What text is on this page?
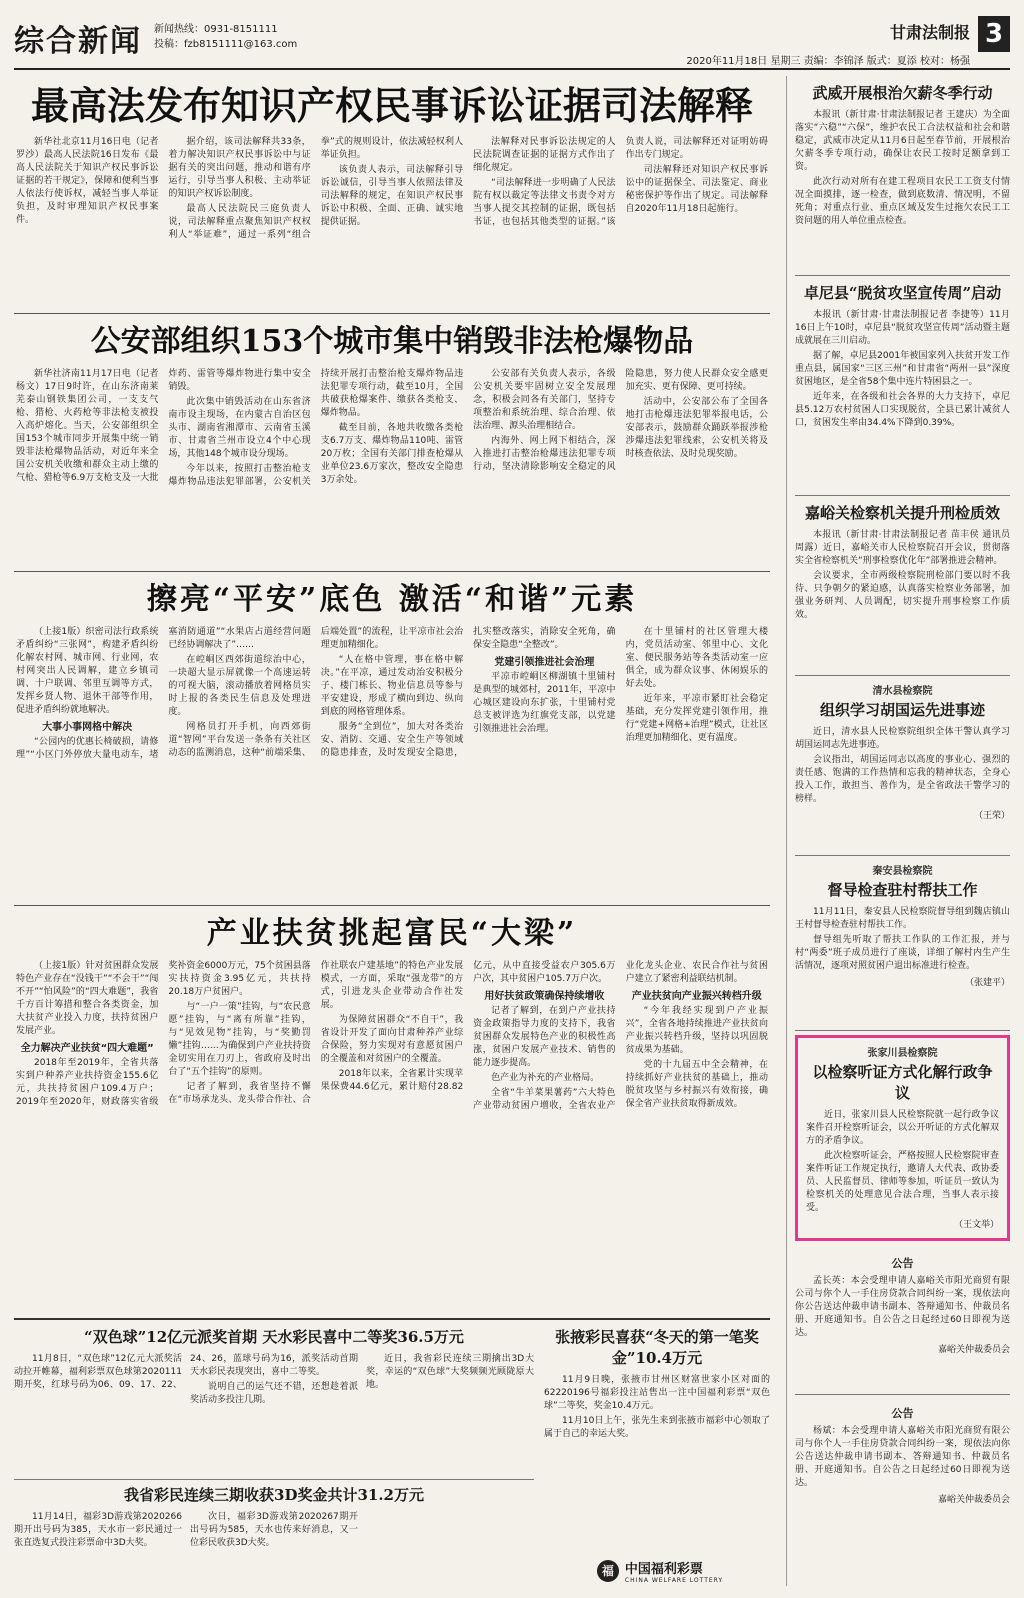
综合新闻 新闻热线：0931-8151111
投稿：fzb8151111@163.com
甘肃法制报 3
2020年11月18日 星期三 责编：李锦泽 版式：夏添 校对：杨强
最高法发布知识产权民事诉讼证据司法解释

新华社北京11月16日电（记者 罗沙）最高人民法院16日发布《最高人民法院关于知识产权民事诉讼证据的若干规定》，保障和便利当事人依法行使诉权，减轻当事人举证负担，及时审理知识产权民事案件。

据介绍，该司法解释共33条，着力解决知识产权民事诉讼中与证据有关的突出问题，推动和谐有序运行，引导当事人积极、主动举证的知识产权诉讼制度。

最高人民法院民三庭负责人说，司法解释重点聚焦知识产权权利人“举证难”，通过一系列“组合拳”式的规则设计，依法减轻权利人举证负担。

该负责人表示，司法解释引导诉讼诚信，引导当事人依照法律及司法解释的规定，在知识产权民事诉讼中积极、全面、正确、诚实地提供证据。

法解释对民事诉讼法规定的人民法院调查证据的证据方式作出了细化规定。

“司法解释进一步明确了人民法院有权以裁定等法律文书责令对方当事人提交其控制的证据，既包括书证，也包括其他类型的证据。”该负责人说，司法解释还对证明妨碍作出专门规定。

司法解释还对知识产权民事诉讼中的证据保全、司法鉴定、商业秘密保护等作出了规定。司法解释自2020年11月18日起施行。

公安部组织153个城市集中销毁非法枪爆物品

新华社济南11月17日电（记者 杨文）17日9时许，在山东济南莱芜泰山钢铁集团公司，一支支气枪、猎枪、火药枪等非法枪支被投入高炉熔化。当天，公安部组织全国153个城市同步开展集中统一销毁非法枪爆物品活动，对近年来全国公安机关收缴和群众主动上缴的气枪、猎枪等6.9万支枪支及一大批炸药、雷管等爆炸物进行集中安全销毁。

此次集中销毁活动在山东省济南市设主现场，在内蒙古自治区包头市、湖南省湘潭市、云南省玉溪市、甘肃省兰州市设立4个中心现场，其他148个城市设分现场。

今年以来，按照打击整治枪支爆炸物品违法犯罪部署，公安机关持续开展打击整治枪支爆炸物品违法犯罪专项行动，截至10月，全国共破获枪爆案件、缴获各类枪支、爆炸物品。

截至目前，各地共收缴各类枪支6.7万支、爆炸物品110吨、雷管20万枚；全国有关部门排查枪爆从业单位23.6万家次，整改安全隐患3万余处。

公安部有关负责人表示，各级公安机关要牢固树立安全发展理念，积极会同各有关部门，坚持专项整治和系统治理、综合治理、依法治理、源头治理相结合。

内海外、网上网下相结合，深入推进打击整治枪爆违法犯罪专项行动，坚决清除影响安全稳定的风险隐患，努力使人民群众安全感更加充实、更有保障、更可持续。

活动中，公安部公布了全国各地打击枪爆违法犯罪举报电话，公安部表示，鼓励群众踊跃举报涉枪涉爆违法犯罪线索，公安机关将及时核查依法、及时兑现奖励。

擦亮“平安”底色 激活“和谐”元素

（上接1版）织密司法行政系统矛盾纠纷“三张网”，构建矛盾纠纷化解农村网、城市网、行业网，农村网突出人民调解，建立乡镇司调、十户联调、邻里互调等方式，发挥乡贤人物、退休干部等作用，促进矛盾纠纷就地解决。

大事小事网格中解决

“公园内的优惠长椅破损，请修理”“小区门外停放大量电动车，堵塞消防通道”“水果店占道经营问题已经协调解决了”……

在崆峒区西郊街道综治中心，一块超大显示屏就像一个高速运转的可视大脑，滚动播放着网格员实时上报的各类民生信息及处理进度。

网格员打开手机，向西郊街道“智网”平台发送一条条有关社区动态的监测消息，这种“前端采集、后端处置”的流程，让平凉市社会治理更加精细化。

“人在格中管理，事在格中解决。”在平凉，通过发动治安积极分子、楼门栋长、物业信息员等参与平安建设，形成了横向到边、纵向到底的网格管理体系。

服务“全到位”，加大对各类治安、消防、交通、安全生产等领域的隐患排查，及时发现安全隐患，扎实整改落实，消除安全死角，确保安全隐患“全整改”。

党建引领推进社会治理

平凉市崆峒区柳湖镇十里铺村是典型的城郊村，2011年，平凉中心城区建设向东扩张，十里铺村党总支被评选为红旗党支部，以党建引领推进社会治理。

在十里铺村的社区管理大楼内，党员活动室、邻里中心、文化室、便民服务站等各类活动室一应俱全，成为群众议事、休闲娱乐的好去处。

近年来，平凉市紧盯社会稳定基础，充分发挥党建引领作用，推行“党建+网格+治理”模式，让社区治理更加精细化、更有温度。

产业扶贫挑起富民“大梁”

（上接1版）针对贫困群众发展特色产业存在“没钱干”“不会干”“闯不开”“怕风险”的“四大难题”，我省千方百计筹措和整合各类资金，加大扶贫产业投入力度，扶持贫困户发展产业。

全力解决产业扶贫“四大难题”

2018年至2019年，全省共落实到户种养产业扶持资金155.6亿元，共扶持贫困户109.4万户；2019年至2020年，财政落实省级奖补资金6000万元，75个贫困县落实扶持资金3.95亿元，共扶持20.18万户贫困户。

与“一户一策”挂钩，与“农民意愿”挂钩，与“离有所靠”挂钩，与“见效见物”挂钩，与“奖勤罚懒”挂钩……为确保到户产业扶持资金切实用在刀刃上，省政府及时出台了“五个挂钩”的原则。

记者了解到，我省坚持不懈在“市场承龙头、龙头带合作社、合作社联农户建基地”的特色产业发展模式，一方面，采取“强龙带”的方式，引进龙头企业带动合作社发展。

为保障贫困群众“不自干”，我省设计开发了面向甘肃种养产业综合保险，努力实现对有意愿贫困户的全覆盖和对贫困户的全覆盖。

2018年以来，全省累计实现苹果保费44.6亿元，累计赔付28.82亿元，从中直接受益农户305.6万户次，其中贫困户105.7万户次。

用好扶贫政策确保持续增收

记者了解到，在到户产业扶持资金政策指导力度的支持下，我省贫困群众发展特色产业的积极性高涨，贫困户发展产业技术、销售的能力逐步提高。

色产业为补充的产业格局。

全省“牛羊菜果薯药”六大特色产业带动贫困户增收，全省农业产业化龙头企业、农民合作社与贫困户建立了紧密利益联结机制。

产业扶贫向产业振兴转档升级

“今年我经实现到户产业振兴”，全省各地持续推进产业扶贫向产业振兴转档升级，坚持以巩固脱贫成果为基础。

党的十九届五中全会精神，在持续抓好产业扶贫的基础上，推动脱贫攻坚与乡村振兴有效衔接，确保全省产业扶贫取得新成效。

武威开展根治欠薪冬季行动

本报讯（新甘肃·甘肃法制报记者 王建庆）为全面落实“六稳”“六保”，维护农民工合法权益和社会和谐稳定，武威市决定从11月6日起至春节前，开展根治欠薪冬季专项行动，确保让农民工按时足额拿到工资。

此次行动对所有在建工程项目农民工工资支付情况全面摸排，逐一检查，做到底数清、情况明，不留死角；对重点行业、重点区域及发生过拖欠农民工工资问题的用人单位重点检查。

卓尼县“脱贫攻坚宣传周”启动

本报讯（新甘肃·甘肃法制报记者 李捷等）11月16日上午10时，卓尼县“脱贫攻坚宣传周”活动暨主题成就展在三川启动。

据了解，卓尼县2001年被国家列入扶贫开发工作重点县，属国家“三区三州”和甘肃省“两州一县”深度贫困地区，是全省58个集中连片特困县之一。

近年来，在各级和社会各界的大力支持下，卓尼县5.12万农村贫困人口实现脱贫，全县已累计减贫人口，贫困发生率由34.4%下降到0.39%。

嘉峪关检察机关提升刑检质效

本报讯（新甘肃·甘肃法制报记者 苗丰侯 通讯员 周露）近日，嘉峪关市人民检察院召开会议，贯彻落实全省检察机关“刑事检察优化年”部署推进会精神。

会议要求，全市两级检察院刑检部门要以时不我待、只争朝夕的紧迫感，认真落实检察业务部署，加强业务研判、人员调配，切实提升刑事检察工作质效。

清水县检察院
组织学习胡国运先进事迹

近日，清水县人民检察院组织全体干警认真学习胡国运同志先进事迹。

会议指出，胡国运同志以高度的事业心、强烈的责任感、饱满的工作热情和忘我的精神状态，全身心投入工作，敢担当、善作为，是全省政法干警学习的榜样。

（王荣）
秦安县检察院
督导检查驻村帮扶工作

11月11日，秦安县人民检察院督导组到魏店镇山王村督导检查驻村帮扶工作。

督导组先听取了帮扶工作队的工作汇报，并与村“两委”班子成员进行了座谈，详细了解村内生产生活情况，逐项对照贫困户退出标准进行检查。

（张建平）
张家川县检察院
以检察听证方式化解行政争议

近日，张家川县人民检察院就一起行政争议案件召开检察听证会，以公开听证的方式化解双方的矛盾争议。

此次检察听证会，严格按照人民检察院审查案件听证工作规定执行，邀请人大代表、政协委员、人民监督员、律师等参加，听证员一致认为检察机关的处理意见合法合理，当事人表示接受。

（王文举）
公告

孟长英：本会受理申请人嘉峪关市阳光商贸有限公司与你个人一手住房贷款合同纠纷一案，现依法向你公告送达仲裁申请书副本、答辩通知书、仲裁员名册、开庭通知书。自公告之日起经过60日即视为送达。

嘉峪关仲裁委员会
公告

杨斌：本会受理申请人嘉峪关市阳光商贸有限公司与你个人一手住房贷款合同纠纷一案，现依法向你公告送达仲裁申请书副本、答辩通知书、仲裁员名册、开庭通知书。自公告之日起经过60日即视为送达。

嘉峪关仲裁委员会
“双色球”12亿元派奖首期 天水彩民喜中二等奖36.5万元

11月8日，“双色球”12亿元大派奖活动拉开帷幕，福利彩票双色球第2020111期开奖，红球号码为06、09、17、22、24、26，蓝球号码为16，派奖活动首期天水彩民表现突出，喜中二等奖。

说明自己的运气还不错，还想趁着派奖活动多投注几期。

近日，我省彩民连续三期擒出3D大奖，幸运的“双色球”大奖频频光顾陇原大地。

我省彩民连续三期收获3D奖金共计31.2万元

11月14日，福彩3D游戏第2020266期开出号码为385，天水市一彩民通过一张直选复式投注彩票命中3D大奖。

次日，福彩3D游戏第2020267期开出号码为585，天水也传来好消息，又一位彩民收获3D大奖。

张掖彩民喜获“冬天的第一笔奖金”10.4万元

11月9日晚，张掖市甘州区财富世家小区对面的62220196号福彩投注站售出一注中国福利彩票“双色球”二等奖，奖金10.4万元。

11月10日上午，张先生来到张掖市福彩中心领取了属于自己的幸运大奖。

福 中国福利彩票
CHINA WELFARE LOTTERY
